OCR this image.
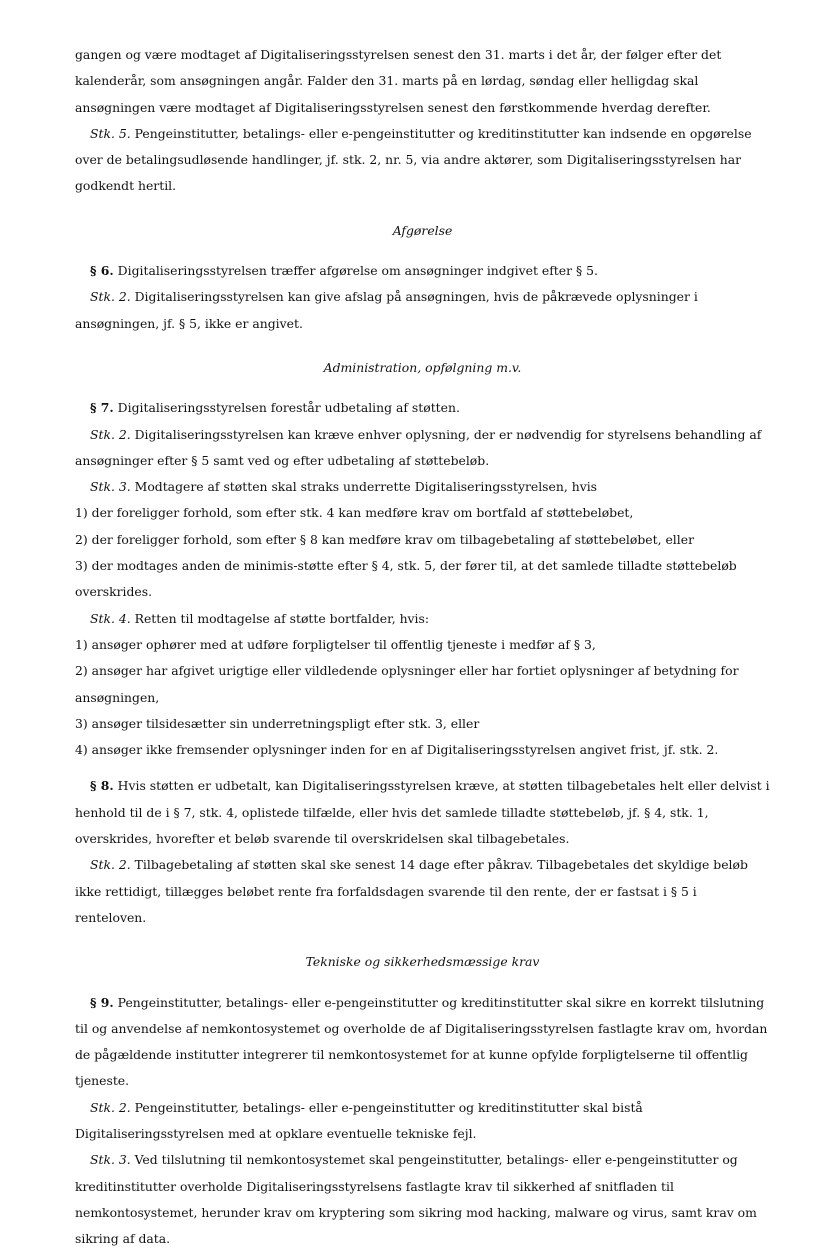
gangen og være modtaget af Digitaliseringsstyrelsen senest den 31. marts i det år, der følger efter det kalenderår, som ansøgningen angår. Falder den 31. marts på en lørdag, søndag eller helligdag skal ansøgningen være modtaget af Digitaliseringsstyrelsen senest den førstkommende hverdag derefter.

Stk. 5. Pengeinstitutter, betalings- eller e-pengeinstitutter og kreditinstitutter kan indsende en opgørelse over de betalingsudløsende handlinger, jf. stk. 2, nr. 5, via andre aktører, som Digitaliseringsstyrelsen har godkendt hertil.

Afgørelse

§ 6. Digitaliseringsstyrelsen træffer afgørelse om ansøgninger indgivet efter § 5.

Stk. 2. Digitaliseringsstyrelsen kan give afslag på ansøgningen, hvis de påkrævede oplysninger i ansøgningen, jf. § 5, ikke er angivet.

Administration, opfølgning m.v.

§ 7. Digitaliseringsstyrelsen forestår udbetaling af støtten.

Stk. 2. Digitaliseringsstyrelsen kan kræve enhver oplysning, der er nødvendig for styrelsens behandling af ansøgninger efter § 5 samt ved og efter udbetaling af støttebeløb.

Stk. 3. Modtagere af støtten skal straks underrette Digitaliseringsstyrelsen, hvis

1) der foreligger forhold, som efter stk. 4 kan medføre krav om bortfald af støttebeløbet,

2) der foreligger forhold, som efter § 8 kan medføre krav om tilbagebetaling af støttebeløbet, eller

3) der modtages anden de minimis-støtte efter § 4, stk. 5, der fører til, at det samlede tilladte støttebeløb overskrides.

Stk. 4. Retten til modtagelse af støtte bortfalder, hvis:

1) ansøger ophører med at udføre forpligtelser til offentlig tjeneste i medfør af § 3,

2) ansøger har afgivet urigtige eller vildledende oplysninger eller har fortiet oplysninger af betydning for ansøgningen,

3) ansøger tilsidesætter sin underretningspligt efter stk. 3, eller

4) ansøger ikke fremsender oplysninger inden for en af Digitaliseringsstyrelsen angivet frist, jf. stk. 2.

§ 8. Hvis støtten er udbetalt, kan Digitaliseringsstyrelsen kræve, at støtten tilbagebetales helt eller delvist i henhold til de i § 7, stk. 4, oplistede tilfælde, eller hvis det samlede tilladte støttebeløb, jf. § 4, stk. 1, overskrides, hvorefter et beløb svarende til overskridelsen skal tilbagebetales.

Stk. 2. Tilbagebetaling af støtten skal ske senest 14 dage efter påkrav. Tilbagebetales det skyldige beløb ikke rettidigt, tillægges beløbet rente fra forfaldsdagen svarende til den rente, der er fastsat i § 5 i renteloven.

Tekniske og sikkerhedsmæssige krav

§ 9. Pengeinstitutter, betalings- eller e-pengeinstitutter og kreditinstitutter skal sikre en korrekt tilslutning til og anvendelse af nemkontosystemet og overholde de af Digitaliseringsstyrelsen fastlagte krav om, hvordan de pågældende institutter integrerer til nemkontosystemet for at kunne opfylde forpligtelserne til offentlig tjeneste.

Stk. 2. Pengeinstitutter, betalings- eller e-pengeinstitutter og kreditinstitutter skal bistå Digitaliseringsstyrelsen med at opklare eventuelle tekniske fejl.

Stk. 3. Ved tilslutning til nemkontosystemet skal pengeinstitutter, betalings- eller e-pengeinstitutter og kreditinstitutter overholde Digitaliseringsstyrelsens fastlagte krav til sikkerhed af snitfladen til nemkontosystemet, herunder krav om kryptering som sikring mod hacking, malware og virus, samt krav om sikring af data.
